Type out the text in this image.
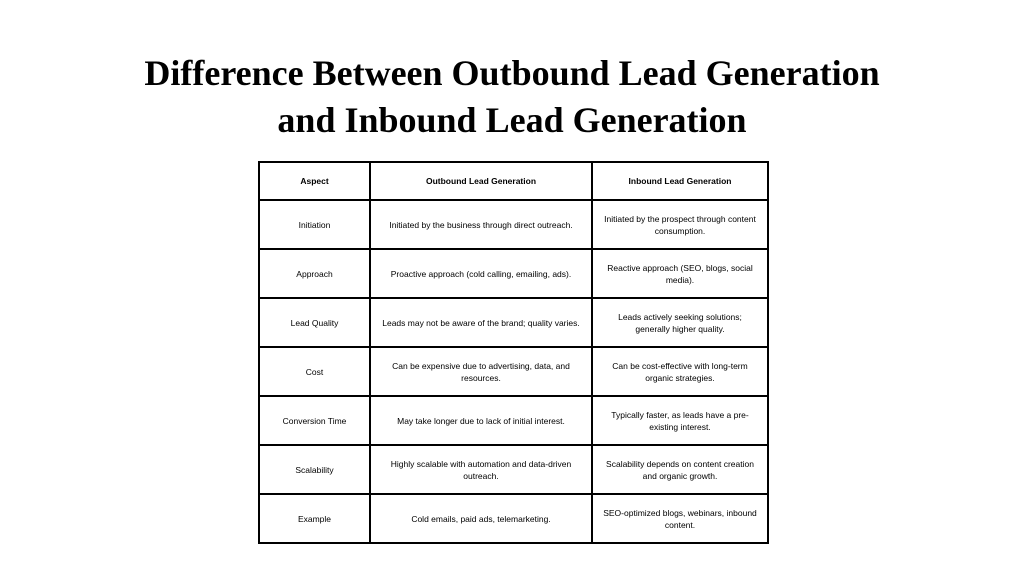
Difference Between Outbound Lead Generation
and Inbound Lead Generation
Aspect	Outbound Lead Generation	Inbound Lead Generation
Initiation	Initiated by the business through direct outreach.	Initiated by the prospect through content consumption.
Approach	Proactive approach (cold calling, emailing, ads).	Reactive approach (SEO, blogs, social media).
Lead Quality	Leads may not be aware of the brand; quality varies.	Leads actively seeking solutions; generally higher quality.
Cost	Can be expensive due to advertising, data, and resources.	Can be cost-effective with long-term organic strategies.
Conversion Time	May take longer due to lack of initial interest.	Typically faster, as leads have a pre-existing interest.
Scalability	Highly scalable with automation and data-driven outreach.	Scalability depends on content creation and organic growth.
Example	Cold emails, paid ads, telemarketing.	SEO-optimized blogs, webinars, inbound content.
